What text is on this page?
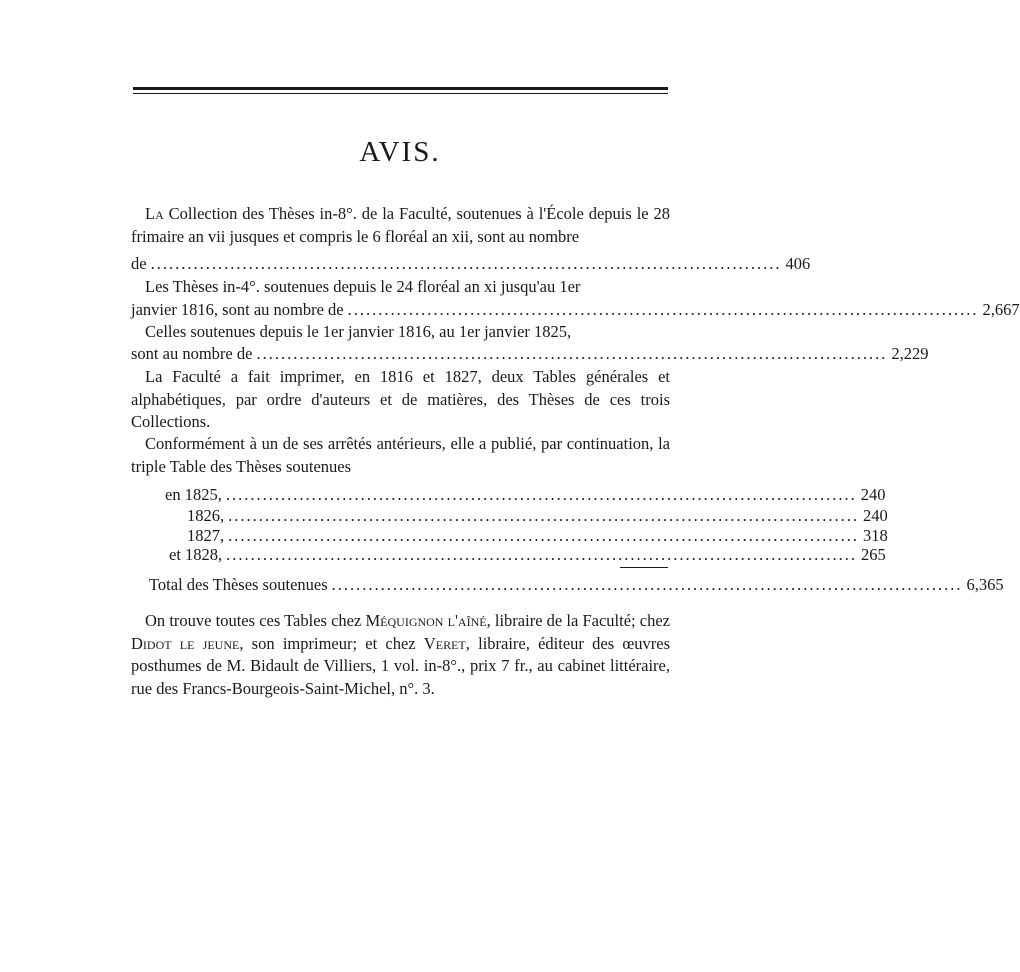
AVIS.

La Collection des Thèses in-8°. de la Faculté, soutenues à l'École depuis le 28 frimaire an vii jusques et compris le 6 floréal an xii, sont au nombre

de ....................................................................................................... 406

Les Thèses in-4°. soutenues depuis le 24 floréal an xi jusqu'au 1er

janvier 1816, sont au nombre de ....................................................................................................... 2,667

Celles soutenues depuis le 1er janvier 1816, au 1er janvier 1825,

sont au nombre de ....................................................................................................... 2,229

La Faculté a fait imprimer, en 1816 et 1827, deux Tables générales et alphabétiques, par ordre d'auteurs et de matières, des Thèses de ces trois Collections.

Conformément à un de ses arrêtés antérieurs, elle a publié, par continuation, la triple Table des Thèses soutenues

en 1825, ....................................................................................................... 240
1826, ....................................................................................................... 240
1827, ....................................................................................................... 318
et 1828, ....................................................................................................... 265
Total des Thèses soutenues ....................................................................................................... 6,365

On trouve toutes ces Tables chez Méquignon l'aîné, libraire de la Faculté; chez Didot le jeune, son imprimeur; et chez Veret, libraire, éditeur des œuvres posthumes de M. Bidault de Villiers, 1 vol. in-8°., prix 7 fr., au cabinet littéraire, rue des Francs-Bourgeois-Saint-Michel, n°. 3.
